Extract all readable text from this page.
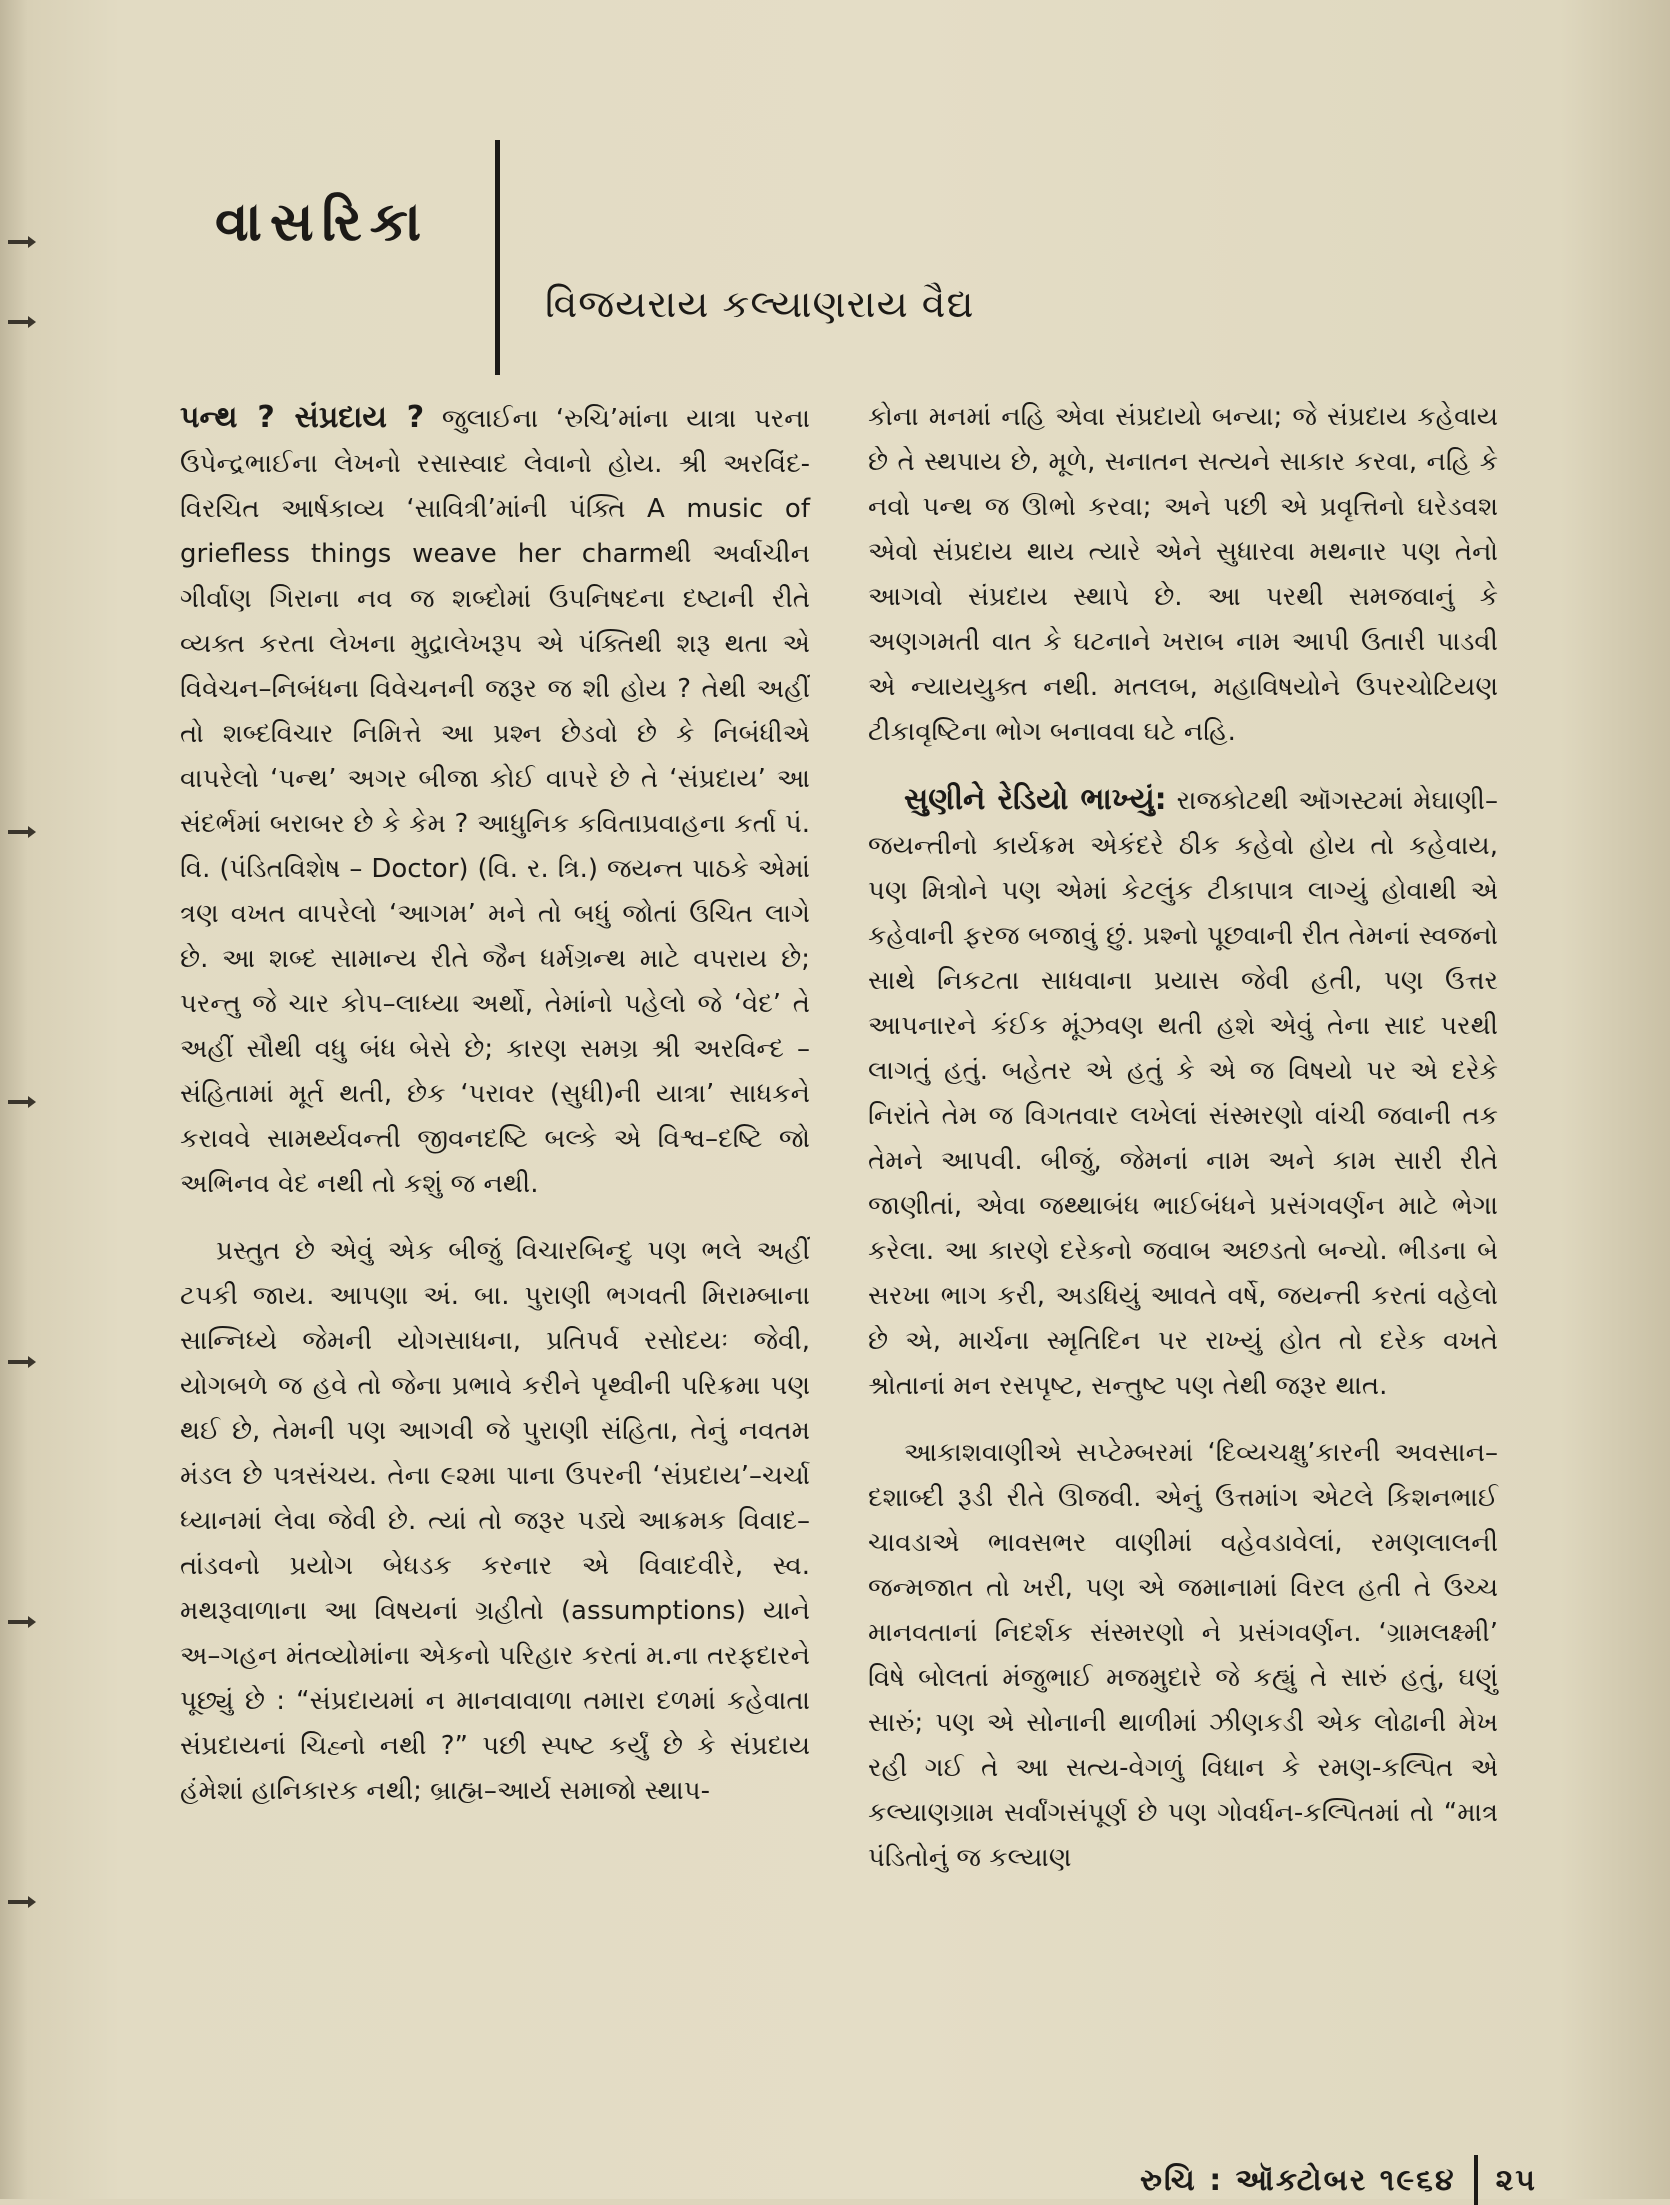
વાસરિકા
વિજયરાય કલ્યાણરાય વૈદ્ય

પન્થ ? સંપ્રદાય ? જુલાઈના ‘રુચિ’માંના યાત્રા પરના ઉપેન્દ્રભાઈના લેખનો રસાસ્વાદ લેવાનો હોય. શ્રી અરવિંદ-વિરચિત આર્ષકાવ્ય ‘સાવિત્રી’માંની પંક્તિ A music of griefless things weave her charmથી અર્વાચીન ગીર્વાણ ગિરાના નવ જ શબ્દોમાં ઉપનિષદના દષ્ટાની રીતે વ્યક્ત કરતા લેખના મુદ્રાલેખરૂપ એ પંક્તિથી શરૂ થતા એ વિવેચન–નિબંધના વિવેચનની જરૂર જ શી હોય ? તેથી અહીં તો શબ્દવિચાર નિમિત્તે આ પ્રશ્ન છેડવો છે કે નિબંધીએ વાપરેલો ‘પન્થ’ અગર બીજા કોઈ વાપરે છે તે ‘સંપ્રદાય’ આ સંદર્ભમાં બરાબર છે કે કેમ ? આધુનિક કવિતાપ્રવાહના કર્તા પં. વિ. (પંડિતવિશેષ – Doctor) (વિ. ર. ત્રિ.) જયન્ત પાઠકે એમાં ત્રણ વખત વાપરેલો ‘આગમ’ મને તો બધું જોતાં ઉચિત લાગે છે. આ શબ્દ સામાન્ય રીતે જૈન ધર્મગ્રન્થ માટે વપરાય છે; પરન્તુ જે ચાર કોપ–લાધ્યા અર્થો, તેમાંનો પહેલો જે ‘વેદ’ તે અહીં સૌથી વધુ બંધ બેસે છે; કારણ સમગ્ર શ્રી અરવિન્દ – સંહિતામાં મૂર્ત થતી, છેક ‘પરાવર (સુધી)ની યાત્રા’ સાધકને કરાવવે સામર્થ્યવન્તી જીવનદષ્ટિ બલ્કે એ વિશ્વ–દષ્ટિ જો અભિનવ વેદ નથી તો કશું જ નથી.

પ્રસ્તુત છે એવું એક બીજું વિચારબિન્દુ પણ ભલે અહીં ટપકી જાય. આપણા અં. બા. પુરાણી ભગવતી મિરામ્બાના સાન્નિધ્યે જેમની યોગસાધના, પ્રતિપર્વ રસોદયઃ જેવી, યોગબળે જ હવે તો જેના પ્રભાવે કરીને પૃથ્વીની પરિક્રમા પણ થઈ છે, તેમની પણ આગવી જે પુરાણી સંહિતા, તેનું નવતમ મંડલ છે પત્રસંચય. તેના ૯૨મા પાના ઉપરની ‘સંપ્રદાય’–ચર્ચા ધ્યાનમાં લેવા જેવી છે. ત્યાં તો જરૂર પડ્યે આક્રમક વિવાદ–તાંડવનો પ્રયોગ બેધડક કરનાર એ વિવાદવીરે, સ્વ. મથરૂવાળાના આ વિષયનાં ગ્રહીતો (assumptions) યાને અ–ગહન મંતવ્યોમાંના એકનો પરિહાર કરતાં મ.ના તરફદારને પૂછ્યું છે : “સંપ્રદાયમાં ન માનવાવાળા તમારા દળમાં કહેવાતા સંપ્રદાયનાં ચિહ્નો નથી ?” પછી સ્પષ્ટ કર્યું છે કે સંપ્રદાય હંમેશાં હાનિકારક નથી; બ્રાહ્મ–આર્ય સમાજો સ્થાપ-

કોના મનમાં નહિ એવા સંપ્રદાયો બન્યા; જે સંપ્રદાય કહેવાય છે તે સ્થપાય છે, મૂળે, સનાતન સત્યને સાકાર કરવા, નહિ કે નવો પન્થ જ ઊભો કરવા; અને પછી એ પ્રવૃત્તિનો ઘરેડવશ એવો સંપ્રદાય થાય ત્યારે એને સુધારવા મથનાર પણ તેનો આગવો સંપ્રદાય સ્થાપે છે. આ પરથી સમજવાનું કે અણગમતી વાત કે ઘટનાને ખરાબ નામ આપી ઉતારી પાડવી એ ન્યાયયુક્ત નથી. મતલબ, મહાવિષયોને ઉપરચોટિયણ ટીકાવૃષ્ટિના ભોગ બનાવવા ઘટે નહિ.

સુણીને રેડિયો ભાખ્યું: રાજકોટથી ઑગસ્ટમાં મેઘાણી–જયન્તીનો કાર્યક્રમ એકંદરે ઠીક કહેવો હોય તો કહેવાય, પણ મિત્રોને પણ એમાં કેટલુંક ટીકાપાત્ર લાગ્યું હોવાથી એ કહેવાની ફરજ બજાવું છું. પ્રશ્નો પૂછવાની રીત તેમનાં સ્વજનો સાથે નિકટતા સાધવાના પ્રયાસ જેવી હતી, પણ ઉત્તર આપનારને કંઈક મૂંઝવણ થતી હશે એવું તેના સાદ પરથી લાગતું હતું. બહેતર એ હતું કે એ જ વિષયો પર એ દરેકે નિરાંતે તેમ જ વિગતવાર લખેલાં સંસ્મરણો વાંચી જવાની તક તેમને આપવી. બીજું, જેમનાં નામ અને કામ સારી રીતે જાણીતાં, એવા જથ્થાબંધ ભાઈબંધને પ્રસંગવર્ણન માટે ભેગા કરેલા. આ કારણે દરેકનો જવાબ અછડતો બન્યો. ભીડના બે સરખા ભાગ કરી, અડધિયું આવતે વર્ષે, જયન્તી કરતાં વહેલો છે એ, માર્ચના સ્મૃતિદિન પર રાખ્યું હોત તો દરેક વખતે શ્રોતાનાં મન રસપૃષ્ટ, સન્તુષ્ટ પણ તેથી જરૂર થાત.

આકાશવાણીએ સપ્ટેમ્બરમાં ‘દિવ્યચક્ષુ’કારની અવસાન–દશાબ્દી રૂડી રીતે ઊજવી. એનું ઉત્તમાંગ એટલે કિશનભાઈ ચાવડાએ ભાવસભર વાણીમાં વહેવડાવેલાં, રમણલાલની જન્મજાત તો ખરી, પણ એ જમાનામાં વિરલ હતી તે ઉચ્ચ માનવતાનાં નિદર્શક સંસ્મરણો ને પ્રસંગવર્ણન. ‘ગ્રામલક્ષ્મી’ વિષે બોલતાં મંજુભાઈ મજમુદારે જે કહ્યું તે સારું હતું, ઘણું સારું; પણ એ સોનાની થાળીમાં ઝીણકડી એક લોઢાની મેખ રહી ગઈ તે આ સત્ય-વેગળું વિધાન કે રમણ-કલ્પિત એ કલ્યાણગ્રામ સર્વાંગસંપૂર્ણ છે પણ ગોવર્ધન-કલ્પિતમાં તો “માત્ર પંડિતોનું જ કલ્યાણ

રુચિ : ઑક્ટોબર ૧૯૬૪ ૨૫
